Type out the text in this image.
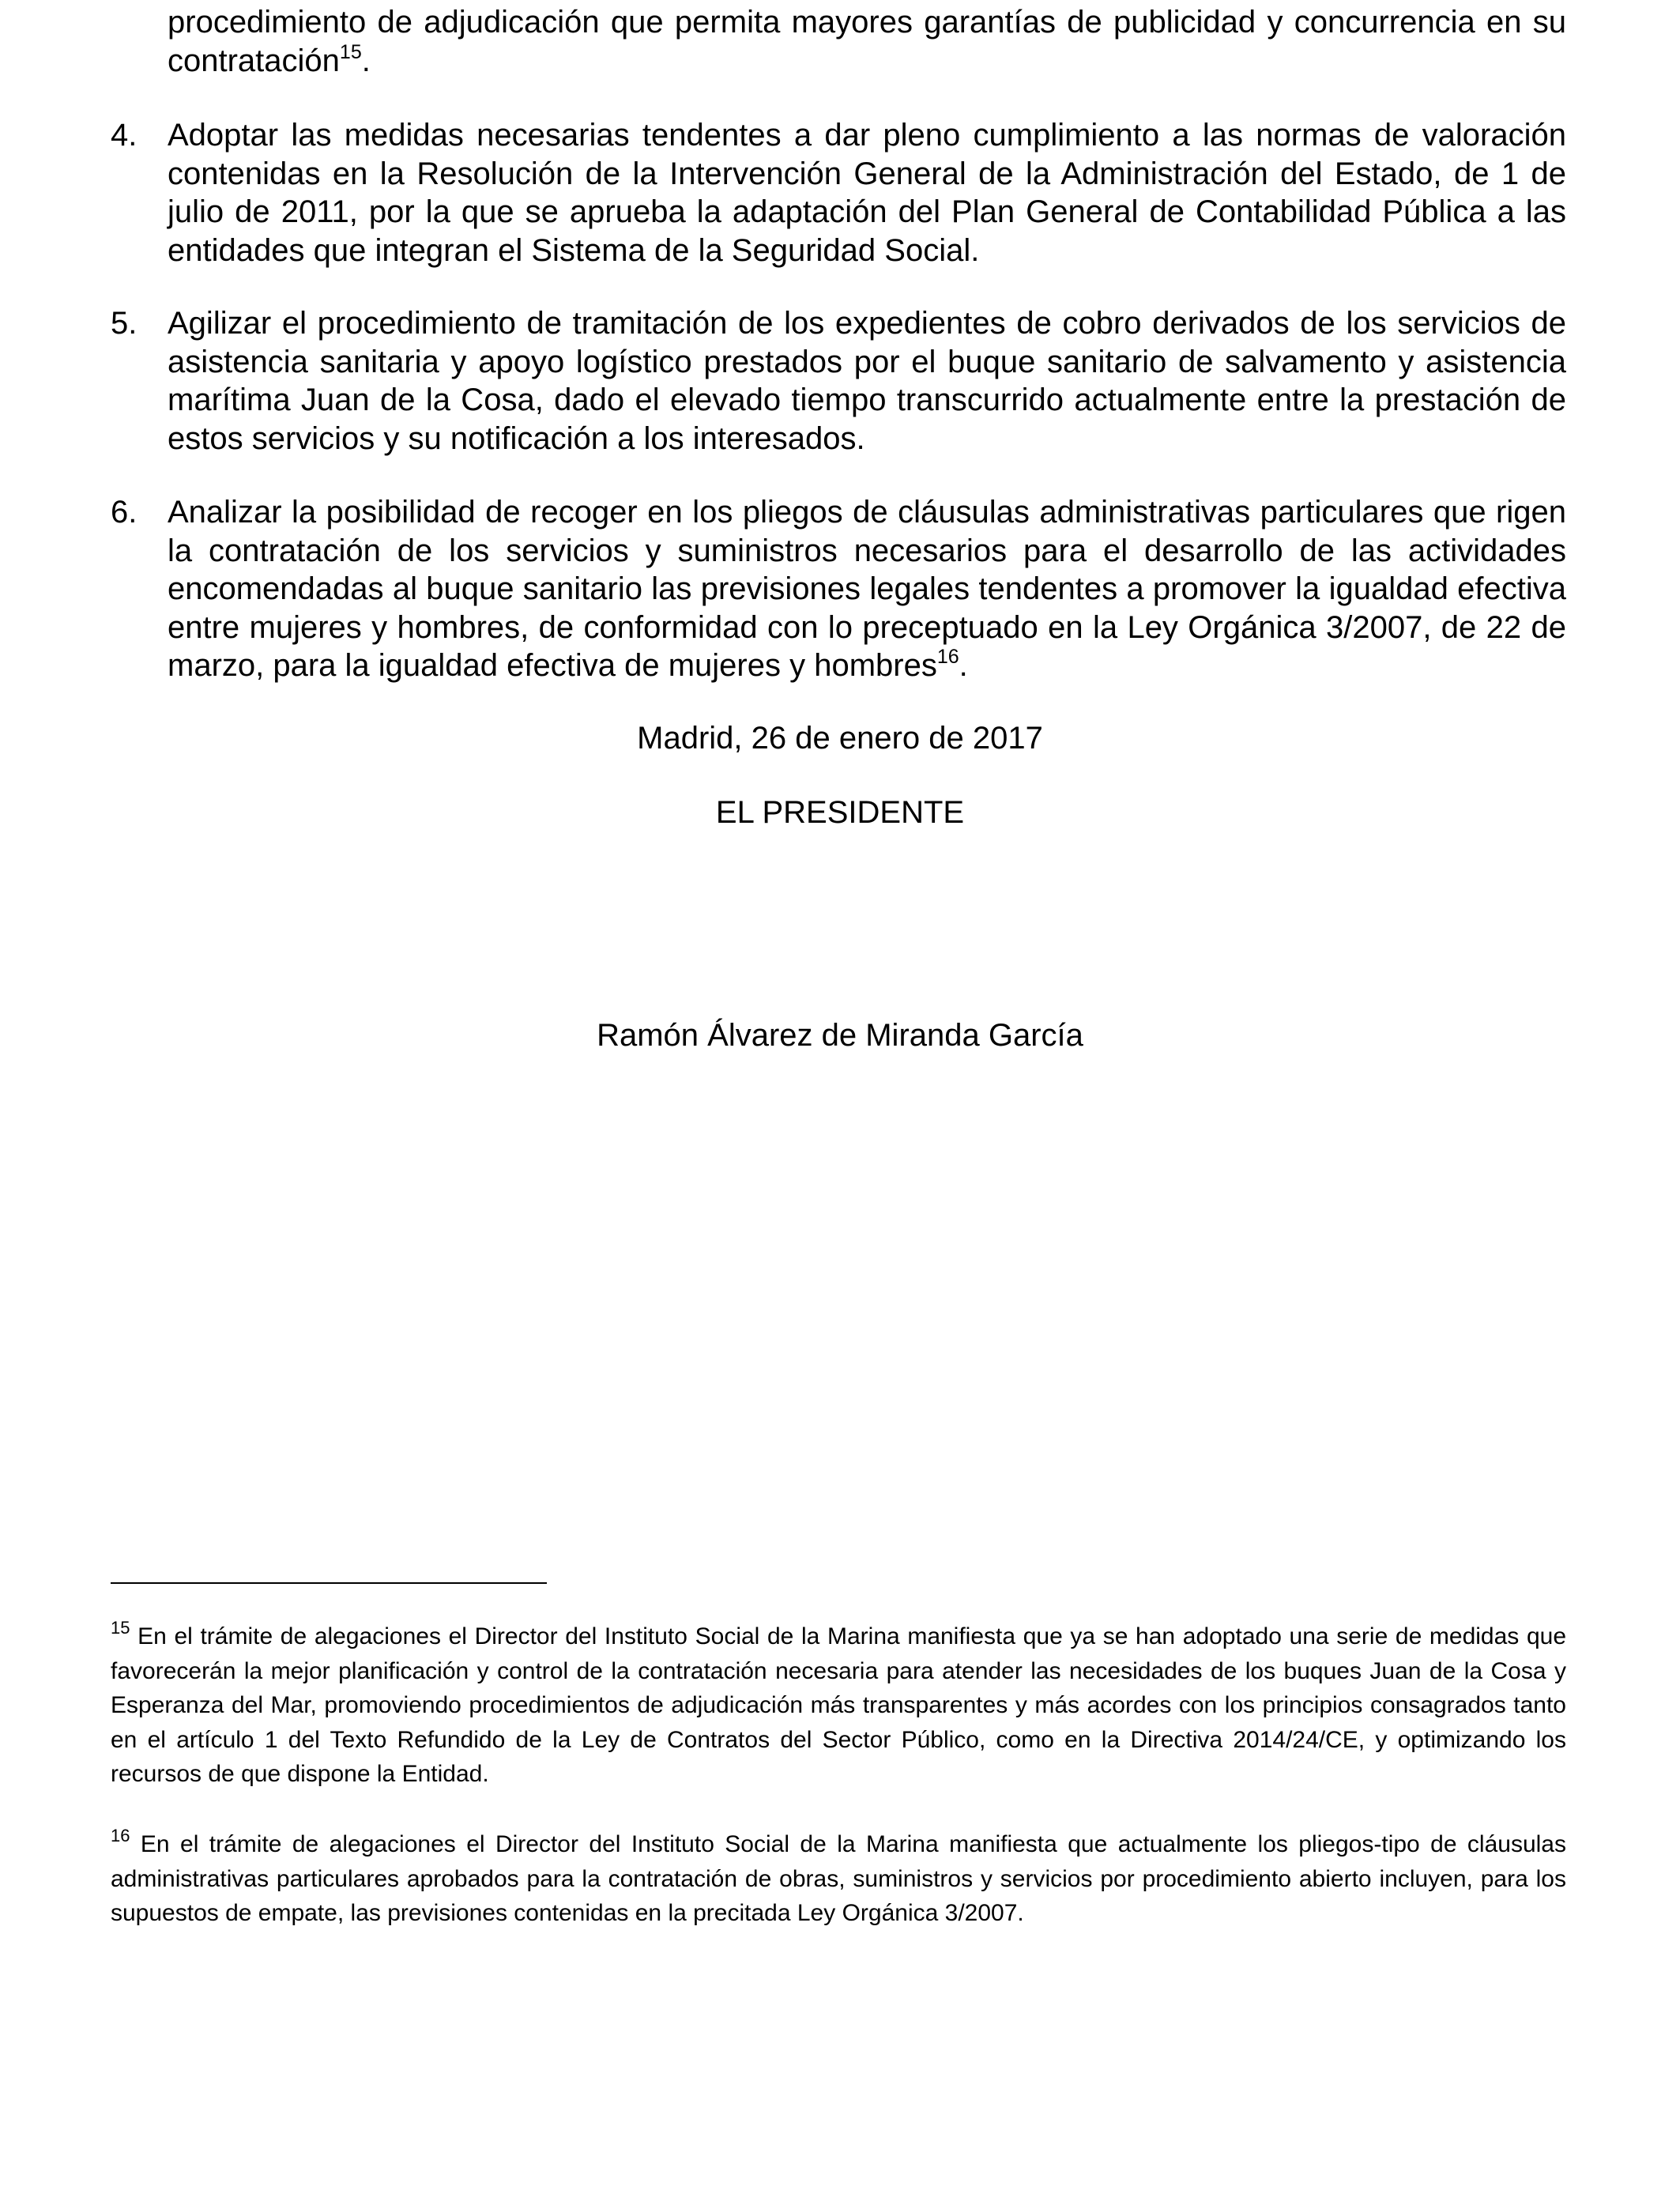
procedimiento de adjudicación que permita mayores garantías de publicidad y concurrencia en su contratación$^{15}$.
4. Adoptar las medidas necesarias tendentes a dar pleno cumplimiento a las normas de valoración contenidas en la Resolución de la Intervención General de la Administración del Estado, de 1 de julio de 2011, por la que se aprueba la adaptación del Plan General de Contabilidad Pública a las entidades que integran el Sistema de la Seguridad Social.
5. Agilizar el procedimiento de tramitación de los expedientes de cobro derivados de los servicios de asistencia sanitaria y apoyo logístico prestados por el buque sanitario de salvamento y asistencia marítima Juan de la Cosa, dado el elevado tiempo transcurrido actualmente entre la prestación de estos servicios y su notificación a los interesados.
6. Analizar la posibilidad de recoger en los pliegos de cláusulas administrativas particulares que rigen la contratación de los servicios y suministros necesarios para el desarrollo de las actividades encomendadas al buque sanitario las previsiones legales tendentes a promover la igualdad efectiva entre mujeres y hombres, de conformidad con lo preceptuado en la Ley Orgánica 3/2007, de 22 de marzo, para la igualdad efectiva de mujeres y hombres$^{16}$.
Madrid, 26 de enero de 2017
EL PRESIDENTE
Ramón Álvarez de Miranda García
$^{15}$ En el trámite de alegaciones el Director del Instituto Social de la Marina manifiesta que ya se han adoptado una serie de medidas que favorecerán la mejor planificación y control de la contratación necesaria para atender las necesidades de los buques Juan de la Cosa y Esperanza del Mar, promoviendo procedimientos de adjudicación más transparentes y más acordes con los principios consagrados tanto en el artículo 1 del Texto Refundido de la Ley de Contratos del Sector Público, como en la Directiva 2014/24/CE, y optimizando los recursos de que dispone la Entidad.
$^{16}$ En el trámite de alegaciones el Director del Instituto Social de la Marina manifiesta que actualmente los pliegos-tipo de cláusulas administrativas particulares aprobados para la contratación de obras, suministros y servicios por procedimiento abierto incluyen, para los supuestos de empate, las previsiones contenidas en la precitada Ley Orgánica 3/2007.
